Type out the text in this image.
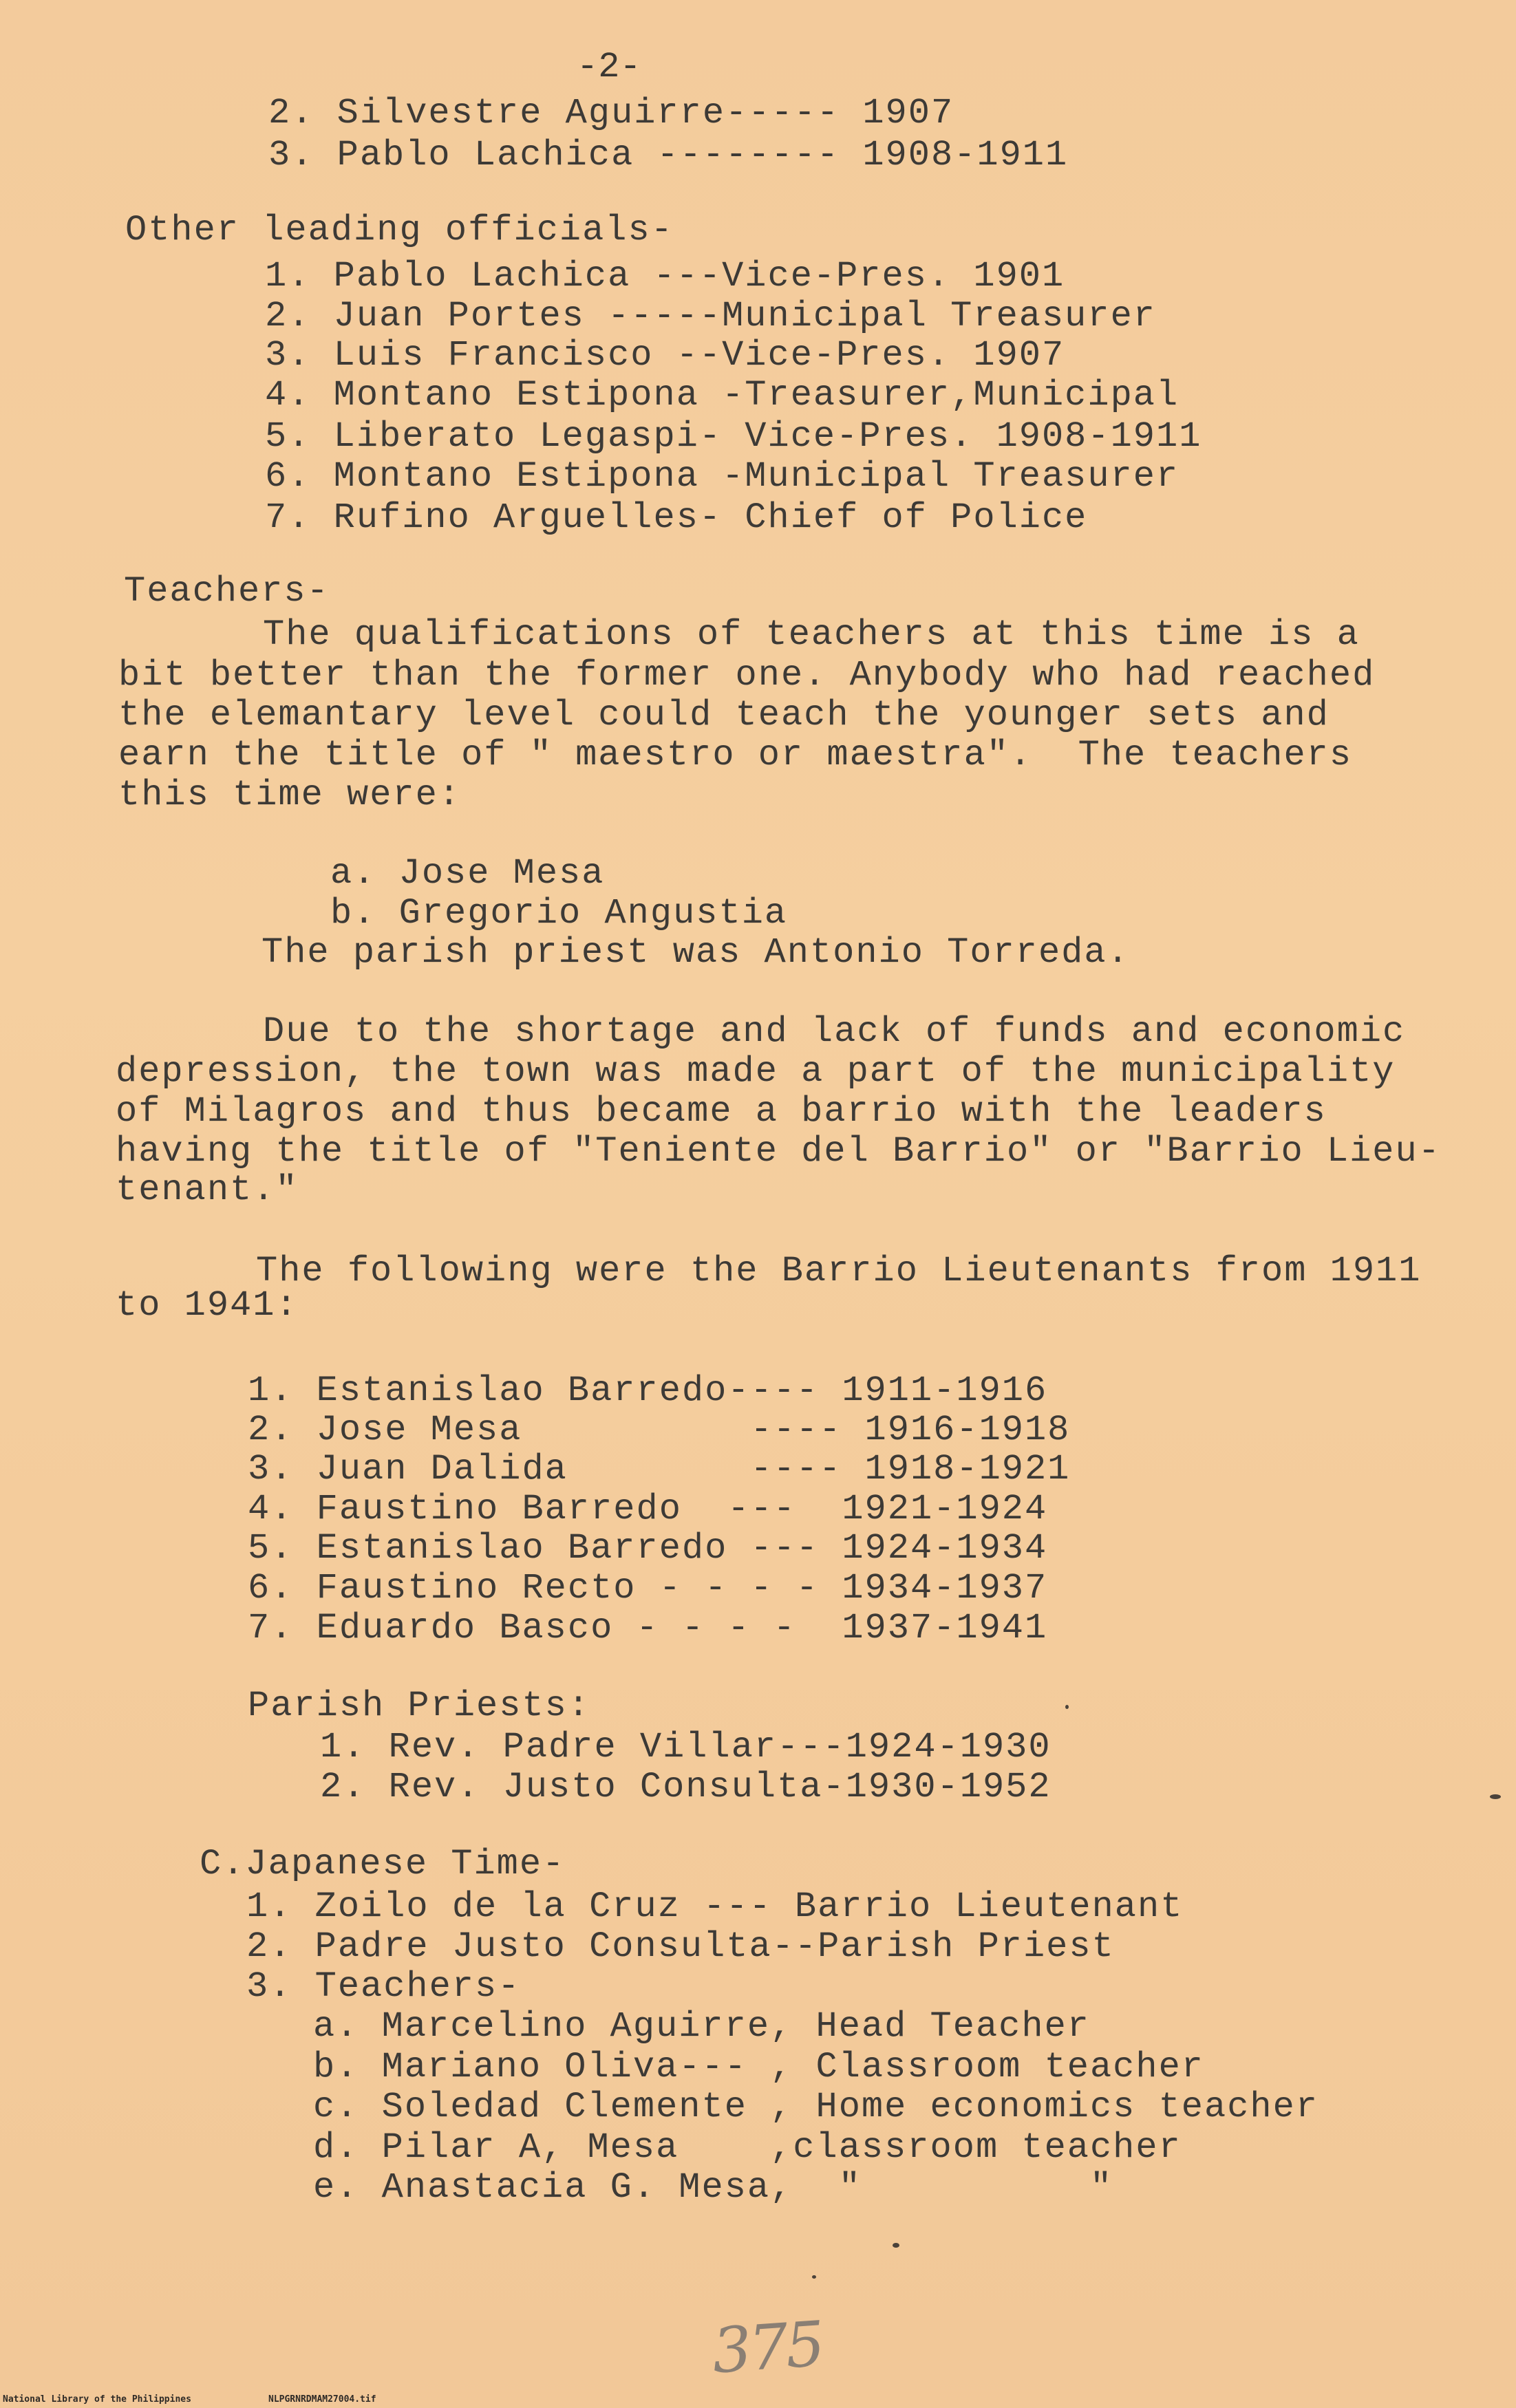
-2-
2. Silvestre Aguirre----- 1907
3. Pablo Lachica -------- 1908-1911
Other leading officials-
1. Pablo Lachica ---Vice-Pres. 1901
2. Juan Portes -----Municipal Treasurer
3. Luis Francisco --Vice-Pres. 1907
4. Montano Estipona -Treasurer,Municipal
5. Liberato Legaspi- Vice-Pres. 1908-1911
6. Montano Estipona -Municipal Treasurer
7. Rufino Arguelles- Chief of Police
Teachers-
The qualifications of teachers at this time is a
bit better than the former one. Anybody who had reached
the elemantary level could teach the younger sets and
earn the title of " maestro or maestra".  The teachers
this time were:
a. Jose Mesa
b. Gregorio Angustia
The parish priest was Antonio Torreda.
Due to the shortage and lack of funds and economic
depression, the town was made a part of the municipality
of Milagros and thus became a barrio with the leaders
having the title of "Teniente del Barrio" or "Barrio Lieu-
tenant."
The following were the Barrio Lieutenants from 1911
to 1941:
1. Estanislao Barredo---- 1911-1916
2. Jose Mesa          ---- 1916-1918
3. Juan Dalida        ---- 1918-1921
4. Faustino Barredo  ---  1921-1924
5. Estanislao Barredo --- 1924-1934
6. Faustino Recto - - - - 1934-1937
7. Eduardo Basco - - - -  1937-1941
Parish Priests:
1. Rev. Padre Villar---1924-1930
2. Rev. Justo Consulta-1930-1952
C.Japanese Time-
1. Zoilo de la Cruz --- Barrio Lieutenant
2. Padre Justo Consulta--Parish Priest
3. Teachers-
a. Marcelino Aguirre, Head Teacher
b. Mariano Oliva--- , Classroom teacher
c. Soledad Clemente , Home economics teacher
d. Pilar A, Mesa    ,classroom teacher
e. Anastacia G. Mesa,  "          "
375
National Library of the Philippines	NLPGRNRDMAM27004.tif
